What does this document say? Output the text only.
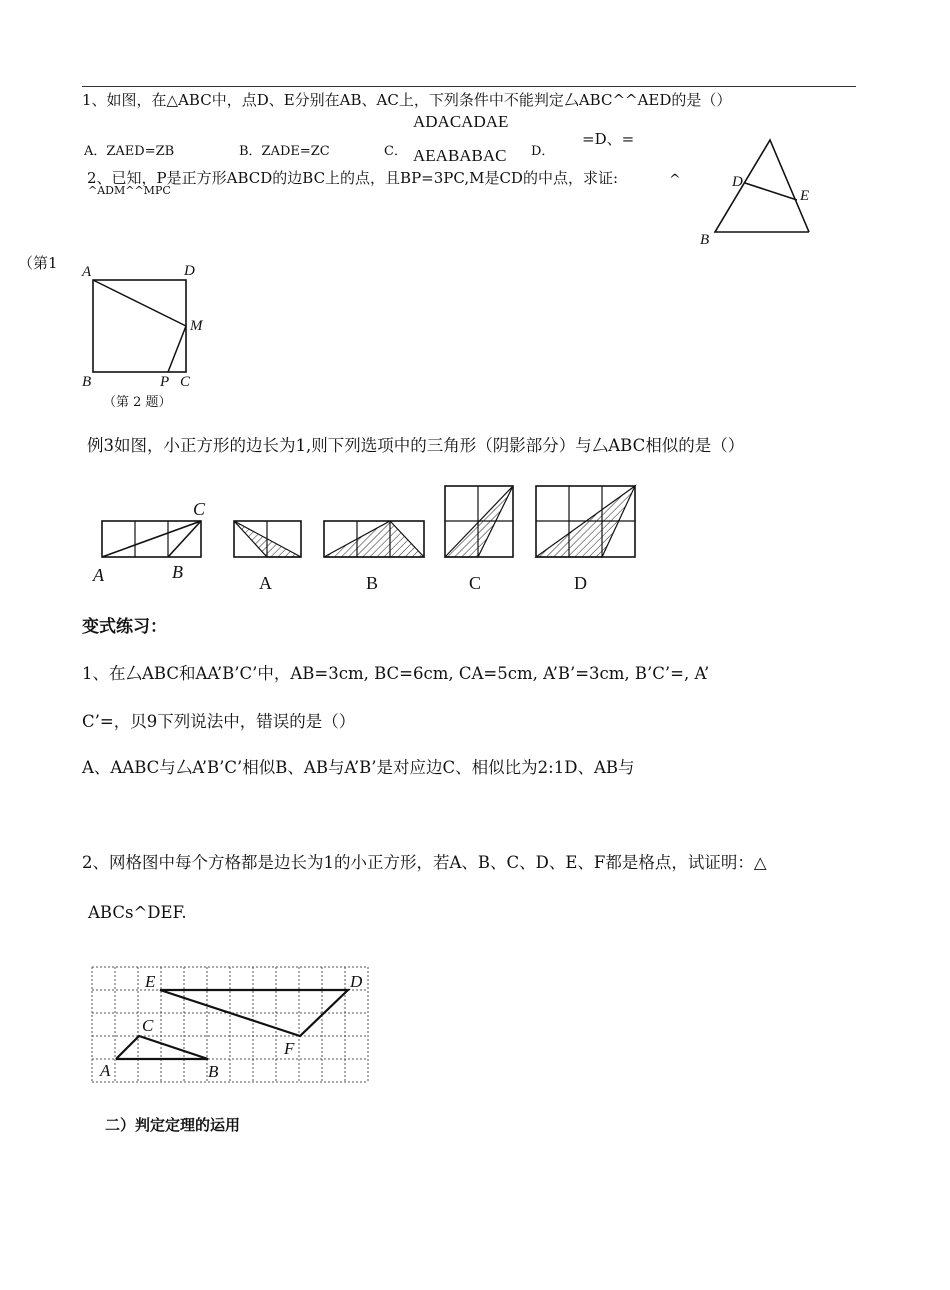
1、如图，在△ABC中，点D、E分别在AB、AC上，下列条件中不能判定厶ABC^^AED的是（）
ADACADAE
A．ZAED=ZB	B．ZADE=ZC	C．	D．
=D、=
AEABABAC
2、已知，P是正方形ABCD的边BC上的点，且BP=3PC,M是CD的中点，求证:
^ADM^^MPC
^
（第1
D
E
B
A	D
M
B	P C
（第 2 题）
例3如图，小正方形的边长为1,则下列选项中的三角形（阴影部分）与厶ABC相似的是（）
C
A	B
A	B	C	D
变式练习：
1、在厶ABC和AA’B’C’中，AB=3cm, BC=6cm, CA=5cm, A’B’=3cm, B’C’=, A’
C’=，贝9下列说法中，错误的是（）
A、AABC与厶A’B’C’相似B、AB与A’B’是对应边C、相似比为2:1D、AB与
2、网格图中每个方格都是边长为1的小正方形，若A、B、C、D、E、F都是格点，试证明：△
ABCs^DEF.
E	D
C
F
A	B
二）判定定理的运用
